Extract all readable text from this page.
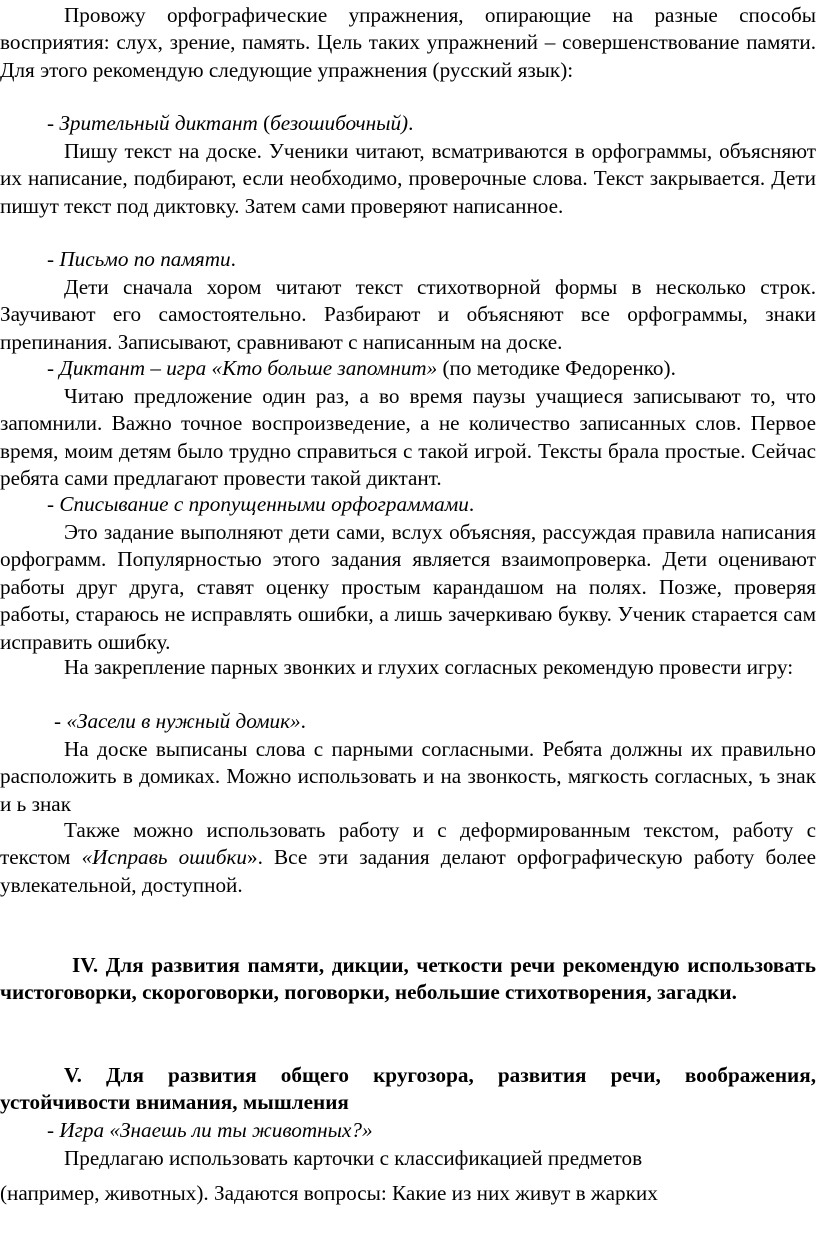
Провожу орфографические упражнения, опирающие на разные способы восприятия: слух, зрение, память. Цель таких упражнений – совершенствование памяти. Для этого рекомендую следующие упражнения (русский язык):

- Зрительный диктант (безошибочный).

Пишу текст на доске. Ученики читают, всматриваются в орфограммы, объясняют их написание, подбирают, если необходимо, проверочные слова. Текст закрывается. Дети пишут текст под диктовку. Затем сами проверяют написанное.

- Письмо по памяти.

Дети сначала хором читают текст стихотворной формы в несколько строк. Заучивают его самостоятельно. Разбирают и объясняют все орфограммы, знаки препинания. Записывают, сравнивают с написанным на доске.

- Диктант – игра «Кто больше запомнит» (по методике Федоренко).

Читаю предложение один раз, а во время паузы учащиеся записывают то, что запомнили. Важно точное воспроизведение, а не количество записанных слов. Первое время, моим детям было трудно справиться с такой игрой. Тексты брала простые. Сейчас ребята сами предлагают провести такой диктант.

- Списывание с пропущенными орфограммами.

Это задание выполняют дети сами, вслух объясняя, рассуждая правила написания орфограмм. Популярностью этого задания является взаимопроверка. Дети оценивают работы друг друга, ставят оценку простым карандашом на полях. Позже, проверяя работы, стараюсь не исправлять ошибки, а лишь зачеркиваю букву. Ученик старается сам исправить ошибку.

На закрепление парных звонких и глухих согласных рекомендую провести игру:

- «Засели в нужный домик».

На доске выписаны слова с парными согласными. Ребята должны их правильно расположить в домиках. Можно использовать и на звонкость, мягкость согласных, ъ знак и ь знак

Также можно использовать работу и с деформированным текстом, работу с текстом «Исправь ошибки». Все эти задания делают орфографическую работу более увлекательной, доступной.

IV. Для развития памяти, дикции, четкости речи рекомендую использовать чистоговорки, скороговорки, поговорки, небольшие стихотворения, загадки.

V. Для развития общего кругозора, развития речи, воображения, устойчивости внимания, мышления

- Игра «Знаешь ли ты животных?»

Предлагаю использовать карточки с классификацией предметов

(например, животных). Задаются вопросы: Какие из них живут в жарких
